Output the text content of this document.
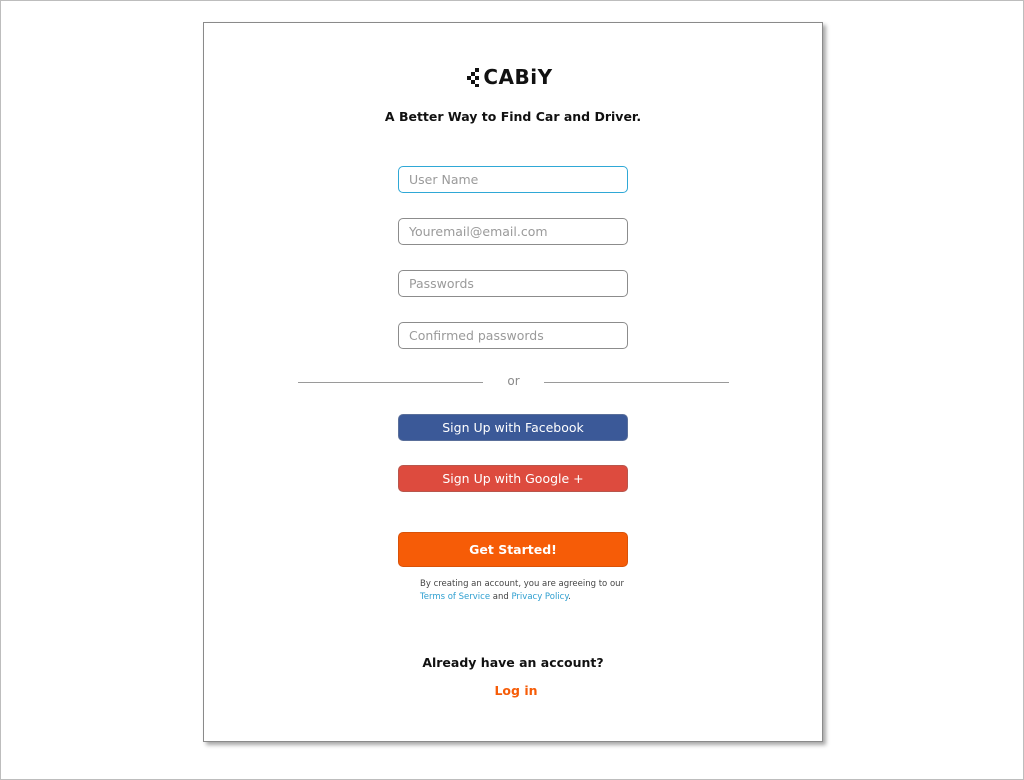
CABiY
A Better Way to Find Car and Driver.
User Name
Youremail@email.com
or
Sign Up with Facebook
Sign Up with Google +
Get Started!
By creating an account, you are agreeing to our
Terms of Service and Privacy Policy.
Already have an account?
Log in
